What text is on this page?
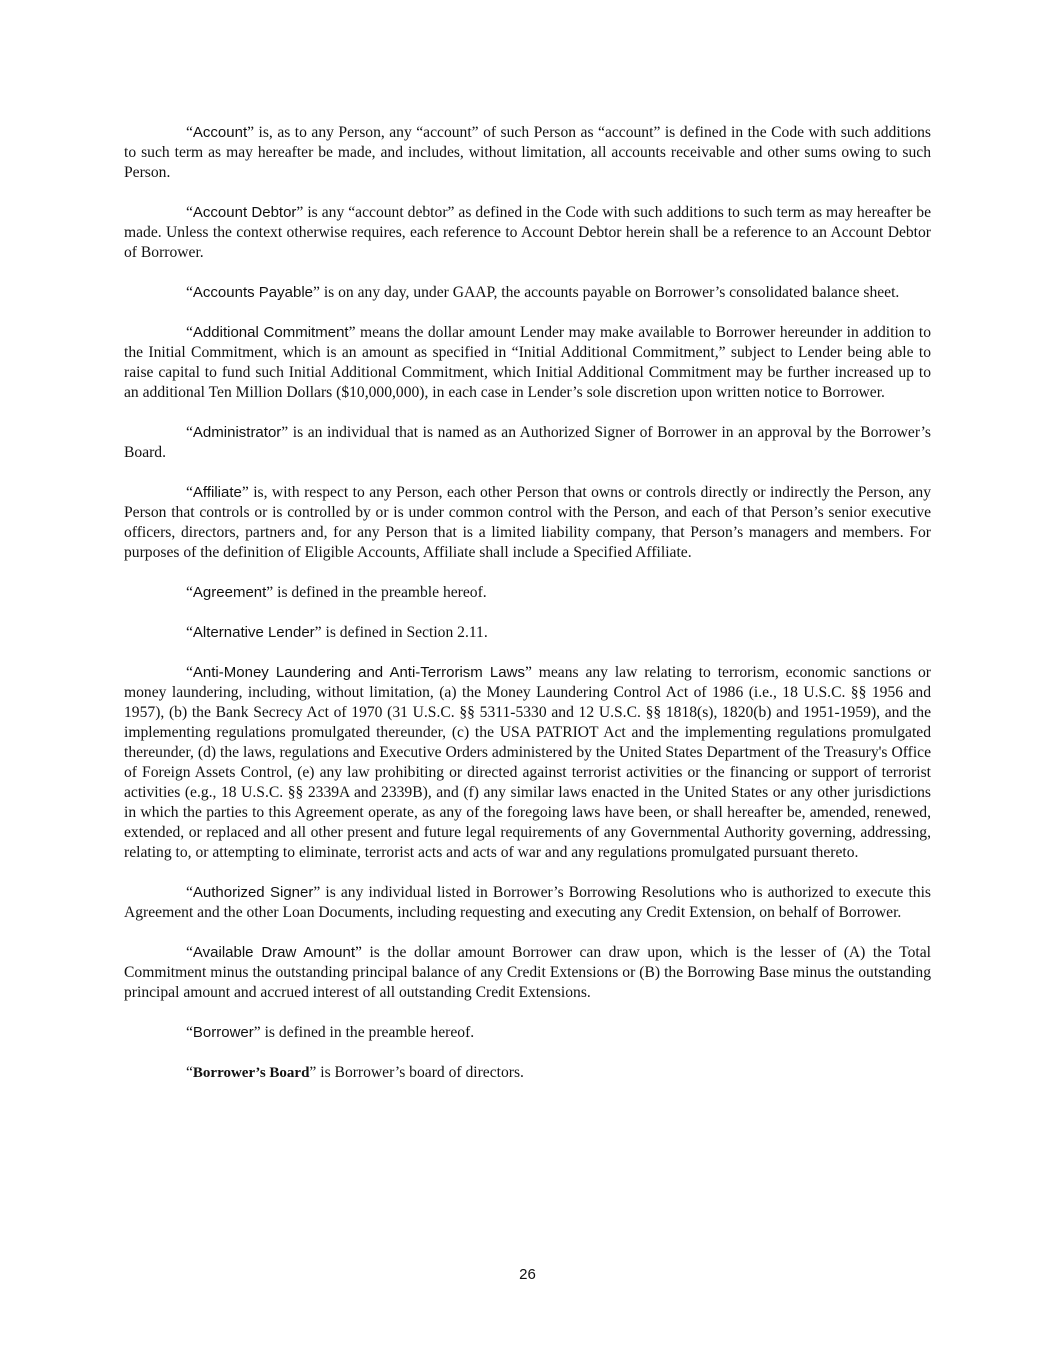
“Account” is, as to any Person, any “account” of such Person as “account” is defined in the Code with such additions to such term as may hereafter be made, and includes, without limitation, all accounts receivable and other sums owing to such Person.

“Account Debtor” is any “account debtor” as defined in the Code with such additions to such term as may hereafter be made. Unless the context otherwise requires, each reference to Account Debtor herein shall be a reference to an Account Debtor of Borrower.

“Accounts Payable” is on any day, under GAAP, the accounts payable on Borrower’s consolidated balance sheet.

“Additional Commitment” means the dollar amount Lender may make available to Borrower hereunder in addition to the Initial Commitment, which is an amount as specified in “Initial Additional Commitment,” subject to Lender being able to raise capital to fund such Initial Additional Commitment, which Initial Additional Commitment may be further increased up to an additional Ten Million Dollars ($10,000,000), in each case in Lender’s sole discretion upon written notice to Borrower.

“Administrator” is an individual that is named as an Authorized Signer of Borrower in an approval by the Borrower’s Board.

“Affiliate” is, with respect to any Person, each other Person that owns or controls directly or indirectly the Person, any Person that controls or is controlled by or is under common control with the Person, and each of that Person’s senior executive officers, directors, partners and, for any Person that is a limited liability company, that Person’s managers and members. For purposes of the definition of Eligible Accounts, Affiliate shall include a Specified Affiliate.

“Agreement” is defined in the preamble hereof.

“Alternative Lender” is defined in Section 2.11.

“Anti-Money Laundering and Anti-Terrorism Laws” means any law relating to terrorism, economic sanctions or money laundering, including, without limitation, (a) the Money Laundering Control Act of 1986 (i.e., 18 U.S.C. §§ 1956 and 1957), (b) the Bank Secrecy Act of 1970 (31 U.S.C. §§ 5311-5330 and 12 U.S.C. §§ 1818(s), 1820(b) and 1951-1959), and the implementing regulations promulgated thereunder, (c) the USA PATRIOT Act and the implementing regulations promulgated thereunder, (d) the laws, regulations and Executive Orders administered by the United States Department of the Treasury's Office of Foreign Assets Control, (e) any law prohibiting or directed against terrorist activities or the financing or support of terrorist activities (e.g., 18 U.S.C. §§ 2339A and 2339B), and (f) any similar laws enacted in the United States or any other jurisdictions in which the parties to this Agreement operate, as any of the foregoing laws have been, or shall hereafter be, amended, renewed, extended, or replaced and all other present and future legal requirements of any Governmental Authority governing, addressing, relating to, or attempting to eliminate, terrorist acts and acts of war and any regulations promulgated pursuant thereto.

“Authorized Signer” is any individual listed in Borrower’s Borrowing Resolutions who is authorized to execute this Agreement and the other Loan Documents, including requesting and executing any Credit Extension, on behalf of Borrower.

“Available Draw Amount” is the dollar amount Borrower can draw upon, which is the lesser of (A) the Total Commitment minus the outstanding principal balance of any Credit Extensions or (B) the Borrowing Base minus the outstanding principal amount and accrued interest of all outstanding Credit Extensions.

“Borrower” is defined in the preamble hereof.

“Borrower’s Board” is Borrower’s board of directors.

26
